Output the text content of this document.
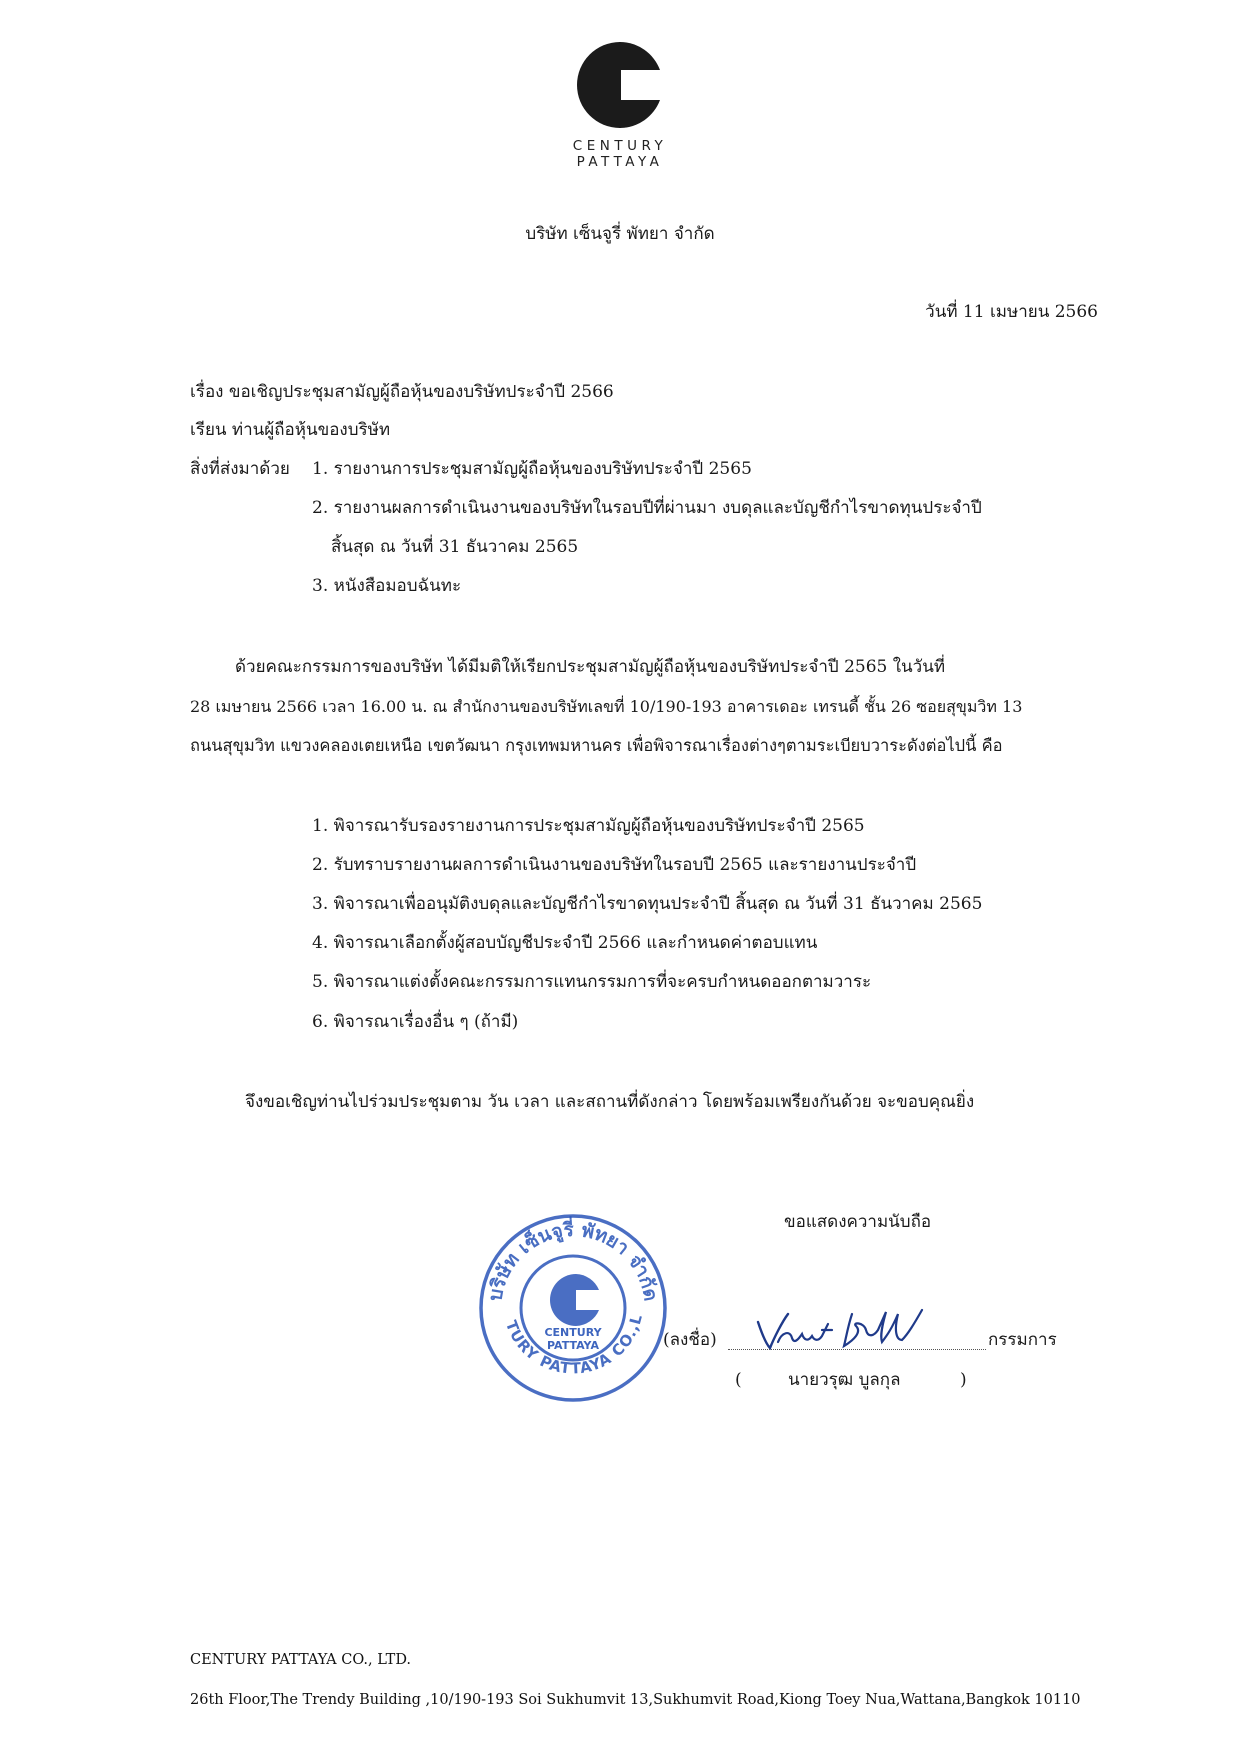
CENTURY
PATTAYA
บริษัท เซ็นจูรี่ พัทยา จำกัด
วันที่ 11 เมษายน 2566
เรื่อง ขอเชิญประชุมสามัญผู้ถือหุ้นของบริษัทประจำปี 2566
เรียน ท่านผู้ถือหุ้นของบริษัท
สิ่งที่ส่งมาด้วย 1. รายงานการประชุมสามัญผู้ถือหุ้นของบริษัทประจำปี 2565
2. รายงานผลการดำเนินงานของบริษัทในรอบปีที่ผ่านมา งบดุลและบัญชีกำไรขาดทุนประจำปี
สิ้นสุด ณ วันที่ 31 ธันวาคม 2565
3. หนังสือมอบฉันทะ
ด้วยคณะกรรมการของบริษัท ได้มีมติให้เรียกประชุมสามัญผู้ถือหุ้นของบริษัทประจำปี 2565 ในวันที่
28 เมษายน 2566 เวลา 16.00 น. ณ สำนักงานของบริษัทเลขที่ 10/190-193 อาคารเดอะ เทรนดี้ ชั้น 26 ซอยสุขุมวิท 13
ถนนสุขุมวิท แขวงคลองเตยเหนือ เขตวัฒนา กรุงเทพมหานคร เพื่อพิจารณาเรื่องต่างๆตามระเบียบวาระดังต่อไปนี้ คือ
1. พิจารณารับรองรายงานการประชุมสามัญผู้ถือหุ้นของบริษัทประจำปี 2565
2. รับทราบรายงานผลการดำเนินงานของบริษัทในรอบปี 2565 และรายงานประจำปี
3. พิจารณาเพื่ออนุมัติงบดุลและบัญชีกำไรขาดทุนประจำปี สิ้นสุด ณ วันที่ 31 ธันวาคม 2565
4. พิจารณาเลือกตั้งผู้สอบบัญชีประจำปี 2566 และกำหนดค่าตอบแทน
5. พิจารณาแต่งตั้งคณะกรรมการแทนกรรมการที่จะครบกำหนดออกตามวาระ
6. พิจารณาเรื่องอื่น ๆ (ถ้ามี)
จึงขอเชิญท่านไปร่วมประชุมตาม วัน เวลา และสถานที่ดังกล่าว โดยพร้อมเพรียงกันด้วย จะขอบคุณยิ่ง
ขอแสดงความนับถือ
บริษัท เซ็นจูรี่ พัทยา จำกัด
TURY PATTAYA CO.,L
CENTURY
PATTAYA	(ลงชื่อ)	กรรมการ
(	นายวรุฒ บูลกุล	)
CENTURY PATTAYA CO., LTD.
26th Floor,The Trendy Building ,10/190-193 Soi Sukhumvit 13,Sukhumvit Road,Kiong Toey Nua,Wattana,Bangkok 10110
